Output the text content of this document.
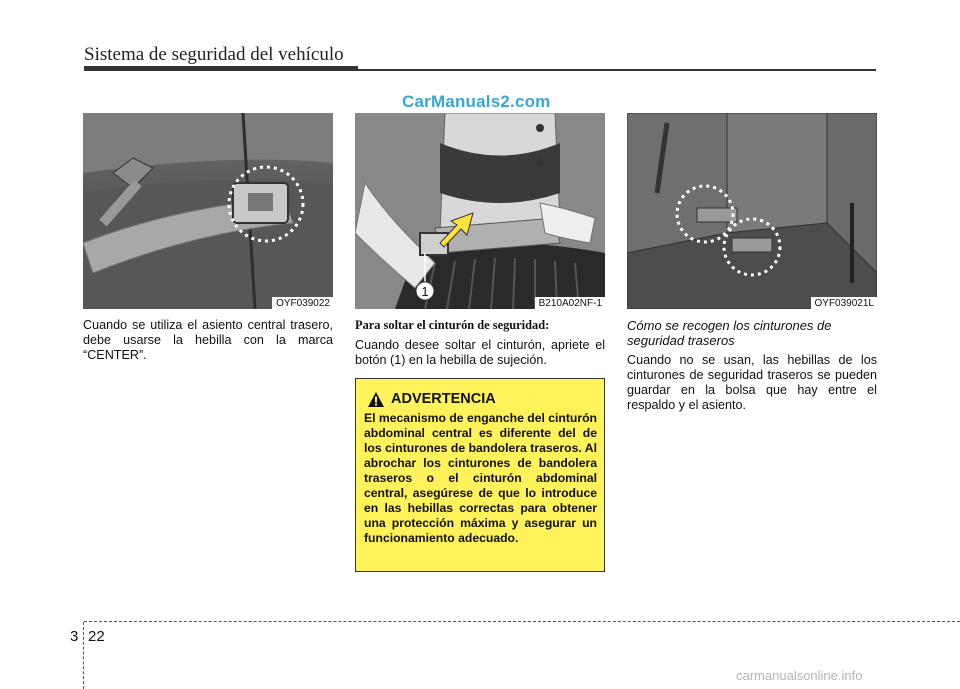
Sistema de seguridad del vehículo
CarManuals2.com
OYF039022
1
B210A02NF-1	OYF039021L

Cuando se utiliza el asiento central trasero, debe usarse la hebilla con la marca “CENTER”.

Para soltar el cinturón de seguridad:

Cuando desee soltar el cinturón, apriete el botón (1) en la hebilla de sujeción.

Cómo se recogen los cinturones de seguridad traseros

Cuando no se usan, las hebillas de los cinturones de seguridad traseros se pueden guardar en la bolsa que hay entre el respaldo y el asiento.

ADVERTENCIA

El mecanismo de enganche del cinturón abdominal central es diferente del de los cinturones de bandolera traseros. Al abrochar los cinturones de bandolera traseros o el cinturón abdominal central, asegúrese de que lo introduce en las hebillas correctas para obtener una protección máxima y asegurar un funcionamiento adecuado.

3 22
carmanualsonline.info
